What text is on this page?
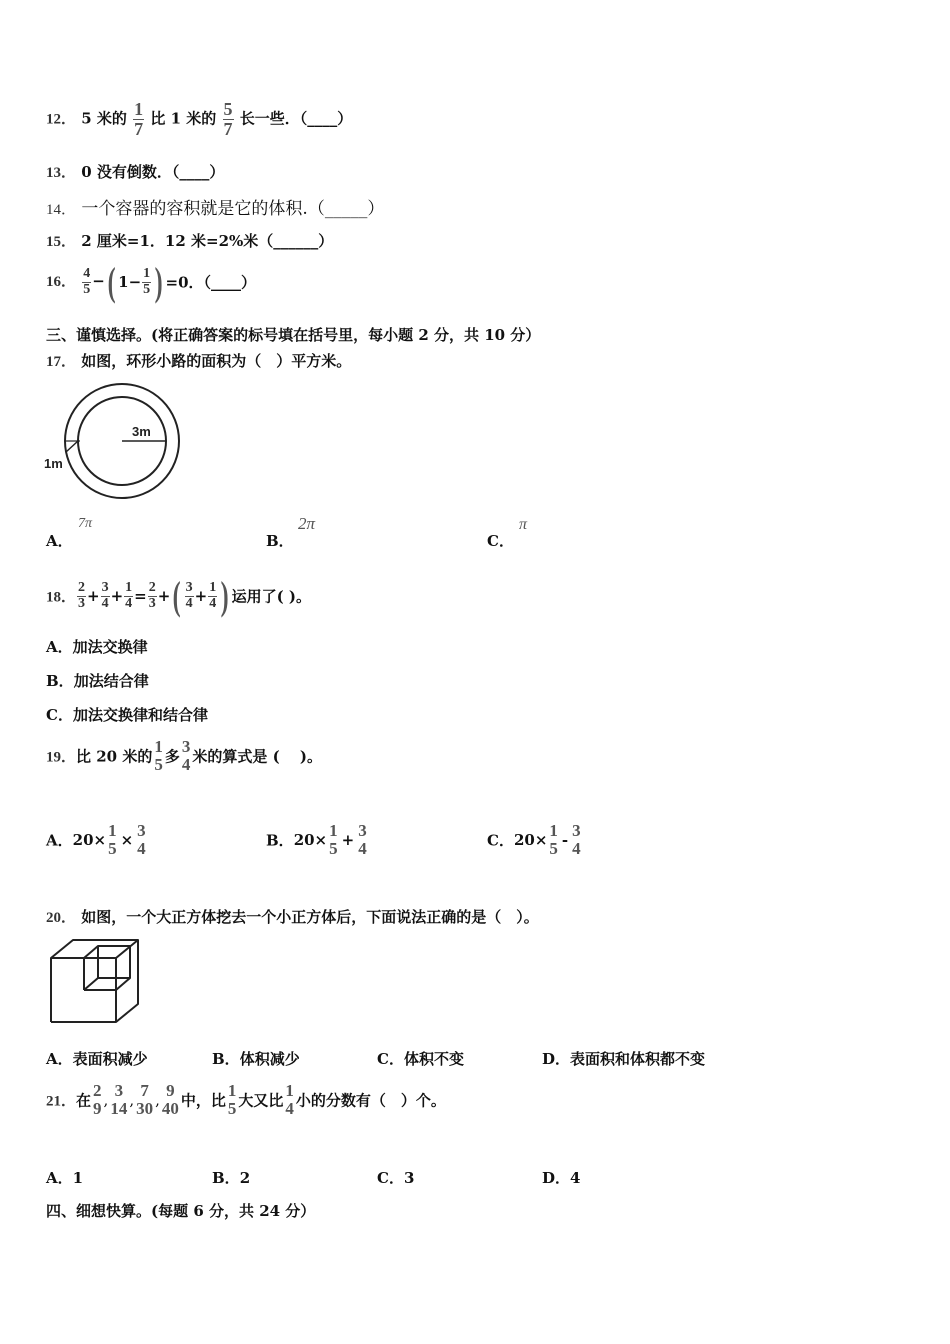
12． 5 米的 $\frac{1}{7}$ 比 1 米的 $\frac{5}{7}$ 长一些．（____）
13． 0 没有倒数．（____）
14． 一个容器的容积就是它的体积.（_____）
15． 2 厘米=1．12 米=2%米（______）
16． $\frac{4}{5}$ −( $1- \frac{1}{5}$ ) =0．（____）
三、谨慎选择。(将正确答案的标号填在括号里，每小题 2 分，共 10 分）
17． 如图，环形小路的面积为（　）平方米。
3m
1m
A．
7π
B．
2π
C．
π
18． $\frac{2}{3} + \frac{3}{4} + \frac{1}{4} = \frac{2}{3}$ +( $\frac{3}{4} + \frac{1}{4}$ ) 运用了( )。
A．加法交换律
B．加法结合律
C．加法交换律和结合律
19．比 20 米的
1
5 多
3
4 米的算式是 (　 )。
A．20× 1
5 × 3
4	B．20× 1
5 + 3
4	C．20× 1
5 - 3
4
20． 如图，一个大正方体挖去一个小正方体后，下面说法正确的是（　）。
A．表面积减少	B．体积减少	C．体积不变	D．表面积和体积都不变
21．在
2
9 , 3
14 , 7
30 , 9
40 中，比
1
5 大又比
1
4 小的分数有（　）个。
A．1	B．2	C．3	D．4
四、细想快算。(每题 6 分，共 24 分）
